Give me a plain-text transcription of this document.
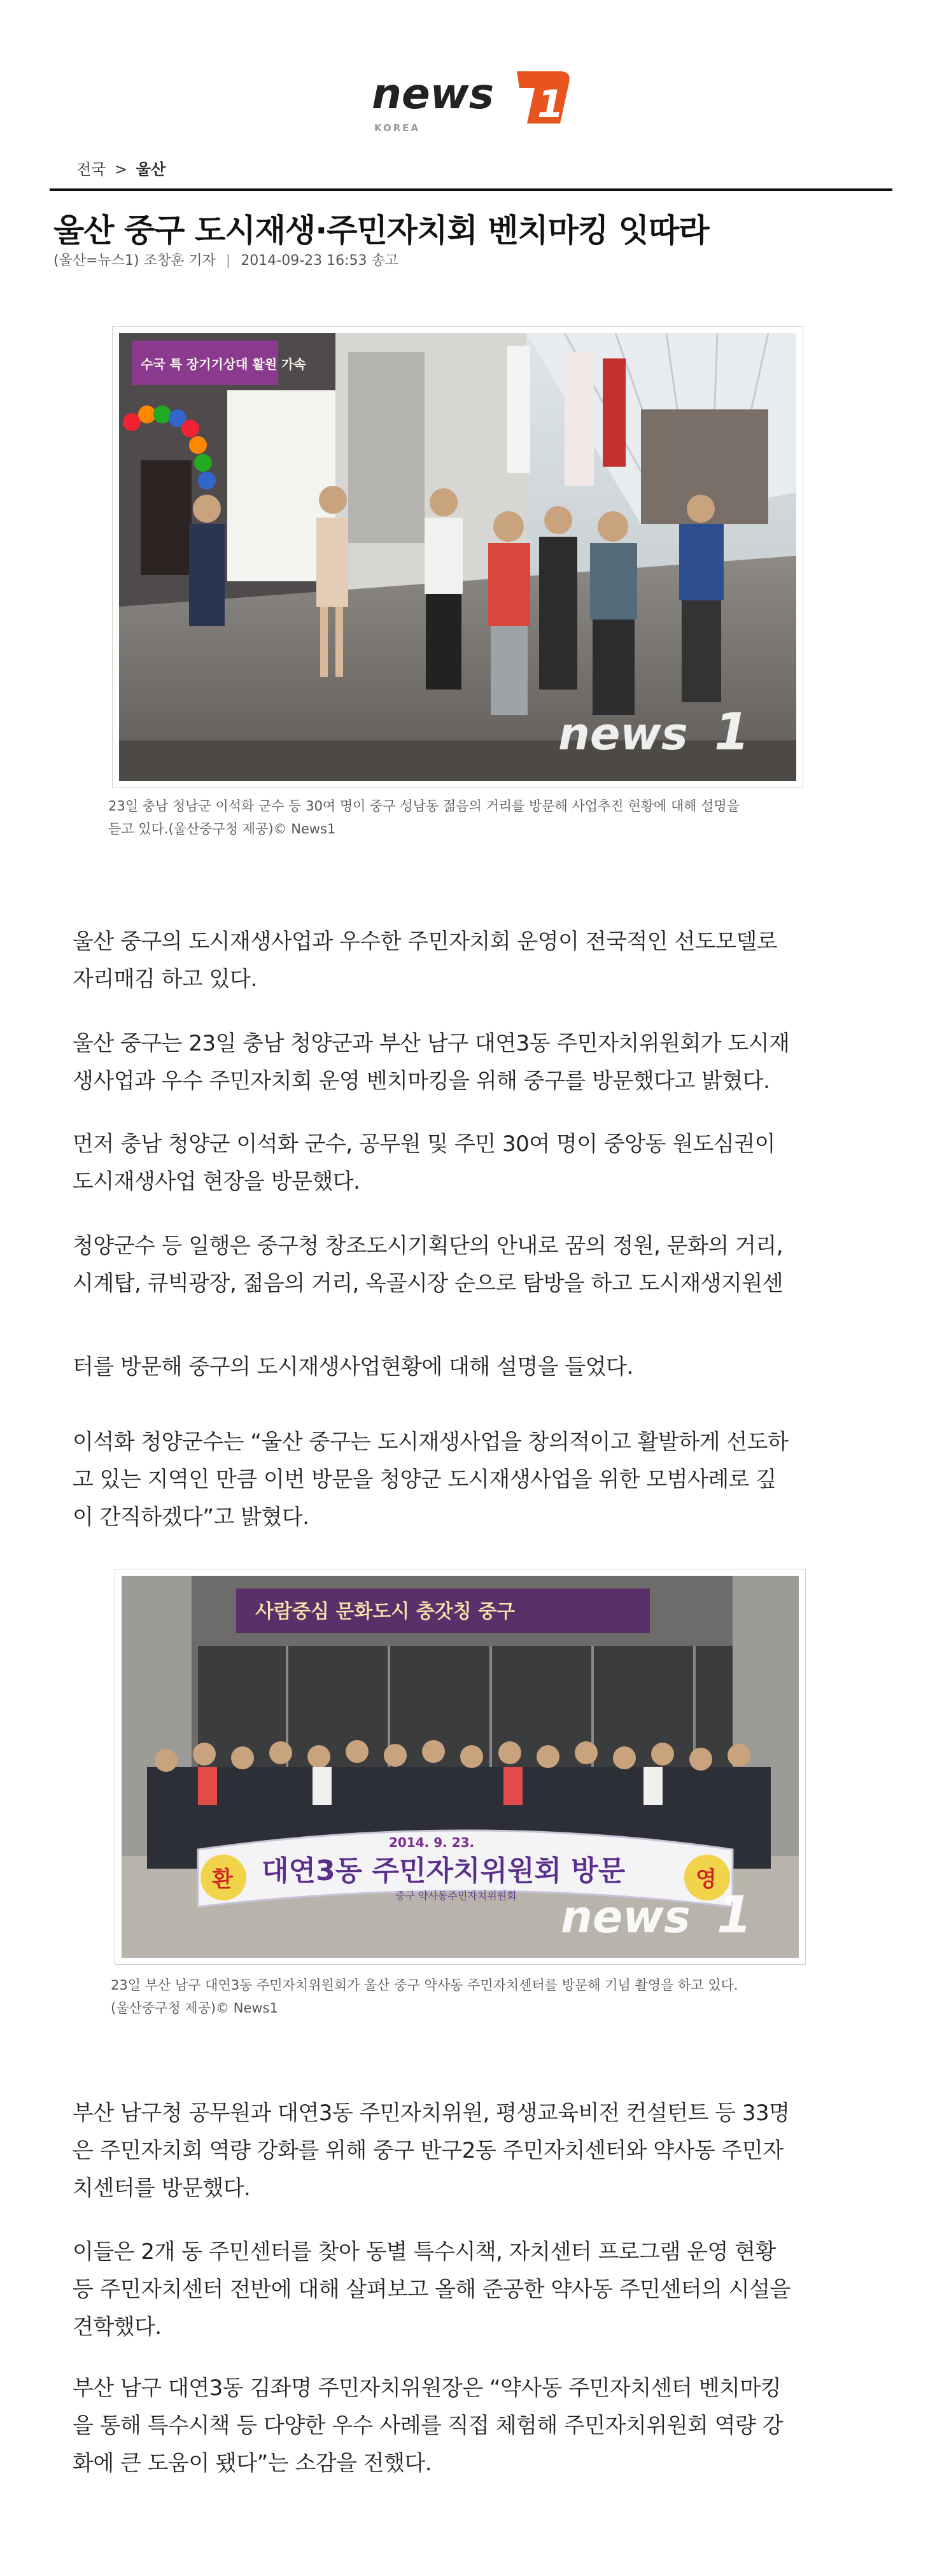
news 1
KOREA
전국 > 울산
울산 중구 도시재생·주민자치회 벤치마킹 잇따라
(울산=뉴스1) 조창훈 기자 | 2014-09-23 16:53 송고
수국 특 장기기상대 활원 가속
news 1
23일 충남 청남군 이석화 군수 등 30여 명이 중구 성남동 젊음의 거리를 방문해 사업추진 현황에 대해 설명을
듣고 있다.(울산중구청 제공)© News1
울산 중구의 도시재생사업과 우수한 주민자치회 운영이 전국적인 선도모델로
자리매김 하고 있다.
울산 중구는 23일 충남 청양군과 부산 남구 대연3동 주민자치위원회가 도시재
생사업과 우수 주민자치회 운영 벤치마킹을 위해 중구를 방문했다고 밝혔다.
먼저 충남 청양군 이석화 군수, 공무원 및 주민 30여 명이 중앙동 원도심권이
도시재생사업 현장을 방문했다.
청양군수 등 일행은 중구청 창조도시기획단의 안내로 꿈의 정원, 문화의 거리,
시계탑, 큐빅광장, 젊음의 거리, 옥골시장 순으로 탐방을 하고 도시재생지원센
터를 방문해 중구의 도시재생사업현황에 대해 설명을 들었다.
이석화 청양군수는 “울산 중구는 도시재생사업을 창의적이고 활발하게 선도하
고 있는 지역인 만큼 이번 방문을 청양군 도시재생사업을 위한 모범사례로 깊
이 간직하겠다”고 밝혔다.
사람중심 문화도시 충갓칭 중구
환	영
2014. 9. 23.
대연3동 주민자치위원회 방문
중구 약사동주민자치위원회 news 1
23일 부산 남구 대연3동 주민자치위원회가 울산 중구 약사동 주민자치센터를 방문해 기념 촬영을 하고 있다.
(울산중구청 제공)© News1
부산 남구청 공무원과 대연3동 주민자치위원, 평생교육비전 컨설턴트 등 33명
은 주민자치회 역량 강화를 위해 중구 반구2동 주민자치센터와 약사동 주민자
치센터를 방문했다.
이들은 2개 동 주민센터를 찾아 동별 특수시책, 자치센터 프로그램 운영 현황
등 주민자치센터 전반에 대해 살펴보고 올해 준공한 약사동 주민센터의 시설을
견학했다.
부산 남구 대연3동 김좌명 주민자치위원장은 “약사동 주민자치센터 벤치마킹
을 통해 특수시책 등 다양한 우수 사례를 직접 체험해 주민자치위원회 역량 강
화에 큰 도움이 됐다”는 소감을 전했다.
